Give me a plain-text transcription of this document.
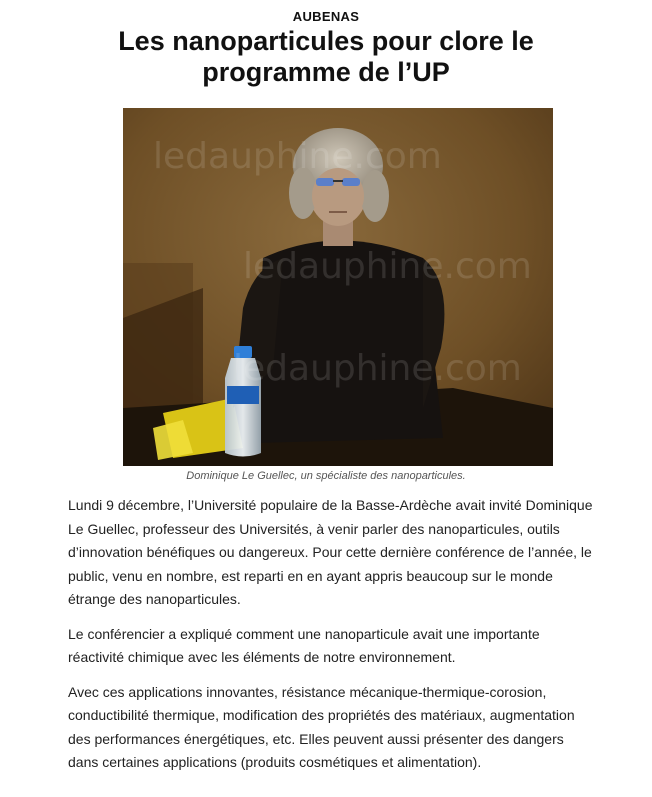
AUBENAS
Les nanoparticules pour clore le programme de l’UP
ledauphine.com
ledauphine.com
ledauphine.com
Dominique Le Guellec, un spécialiste des nanoparticules.

Lundi 9 décembre, l’Université populaire de la Basse-Ardèche avait invité Dominique Le Guellec, professeur des Universités, à venir parler des nanoparticules, outils d’innovation bénéfiques ou dangereux. Pour cette dernière conférence de l’année, le public, venu en nombre, est reparti en en ayant appris beaucoup sur le monde étrange des nanoparticules.

Le conférencier a expliqué comment une nanoparticule avait une importante réactivité chimique avec les éléments de notre environnement.

Avec ces applications innovantes, résistance mécanique-thermique-corosion, conductibilité thermique, modification des propriétés des matériaux, augmentation des performances énergétiques, etc. Elles peuvent aussi présenter des dangers dans certaines applications (produits cosmétiques et alimentation).
